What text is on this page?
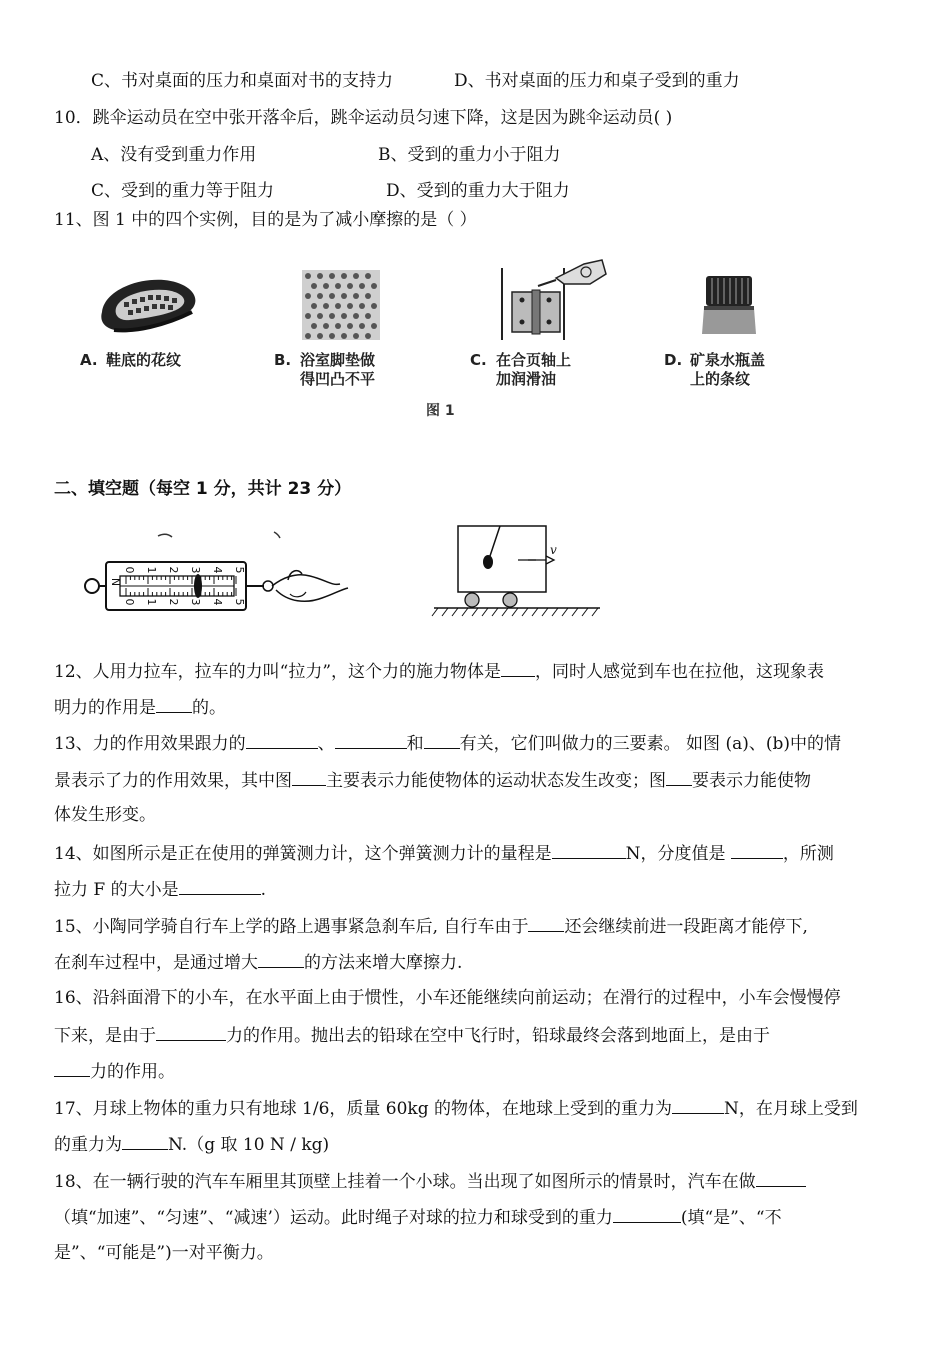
C、书对桌面的压力和桌面对书的支持力	D、书对桌面的压力和桌子受到的重力
10．跳伞运动员在空中张开落伞后，跳伞运动员匀速下降，这是因为跳伞运动员( )
A、没有受到重力作用	B、受到的重力小于阻力
C、受到的重力等于阻力	D、受到的重力大于阻力
11、图 1 中的四个实例，目的是为了减小摩擦的是（ ）
A. 鞋底的花纹	B. 浴室脚垫做
得凹凸不平
C. 在合页轴上
加润滑油
D. 矿泉水瓶盖
上的条纹
图 1
二、填空题（每空 1 分，共计 23 分）
0 1 2 3 4 5
0 1 2 3 4 5
N
v
12、人用力拉车，拉车的力叫“拉力”，这个力的施力物体是 ，同时人感觉到车也在拉他，这现象表
明力的作用是 的。
13、力的作用效果跟力的	、	和 有关，它们叫做力的三要素。 如图 (a)、(b)中的情
景表示了力的作用效果，其中图 主要表示力能使物体的运动状态发生改变；图 要表示力能使物
体发生形变。
14、如图所示是正在使用的弹簧测力计，这个弹簧测力计的量程是	N，分度值是	，所测
拉力 F 的大小是	.
15、小陶同学骑自行车上学的路上遇事紧急刹车后, 自行车由于 还会继续前进一段距离才能停下,
在刹车过程中，是通过增大	的方法来增大摩擦力.
16、沿斜面滑下的小车，在水平面上由于惯性，小车还能继续向前运动；在滑行的过程中，小车会慢慢停
下来，是由于	力的作用。抛出去的铅球在空中飞行时，铅球最终会落到地面上，是由于
力的作用。
17、月球上物体的重力只有地球 1/6，质量 60kg 的物体，在地球上受到的重力为	N，在月球上受到
的重力为	N.（g 取 10 N / kg)
18、在一辆行驶的汽车车厢里其顶壁上挂着一个小球。当出现了如图所示的情景时，汽车在做
（填“加速”、“匀速”、“减速’）运动。此时绳子对球的拉力和球受到的重力	(填“是”、“不
是”、“可能是”)一对平衡力。
